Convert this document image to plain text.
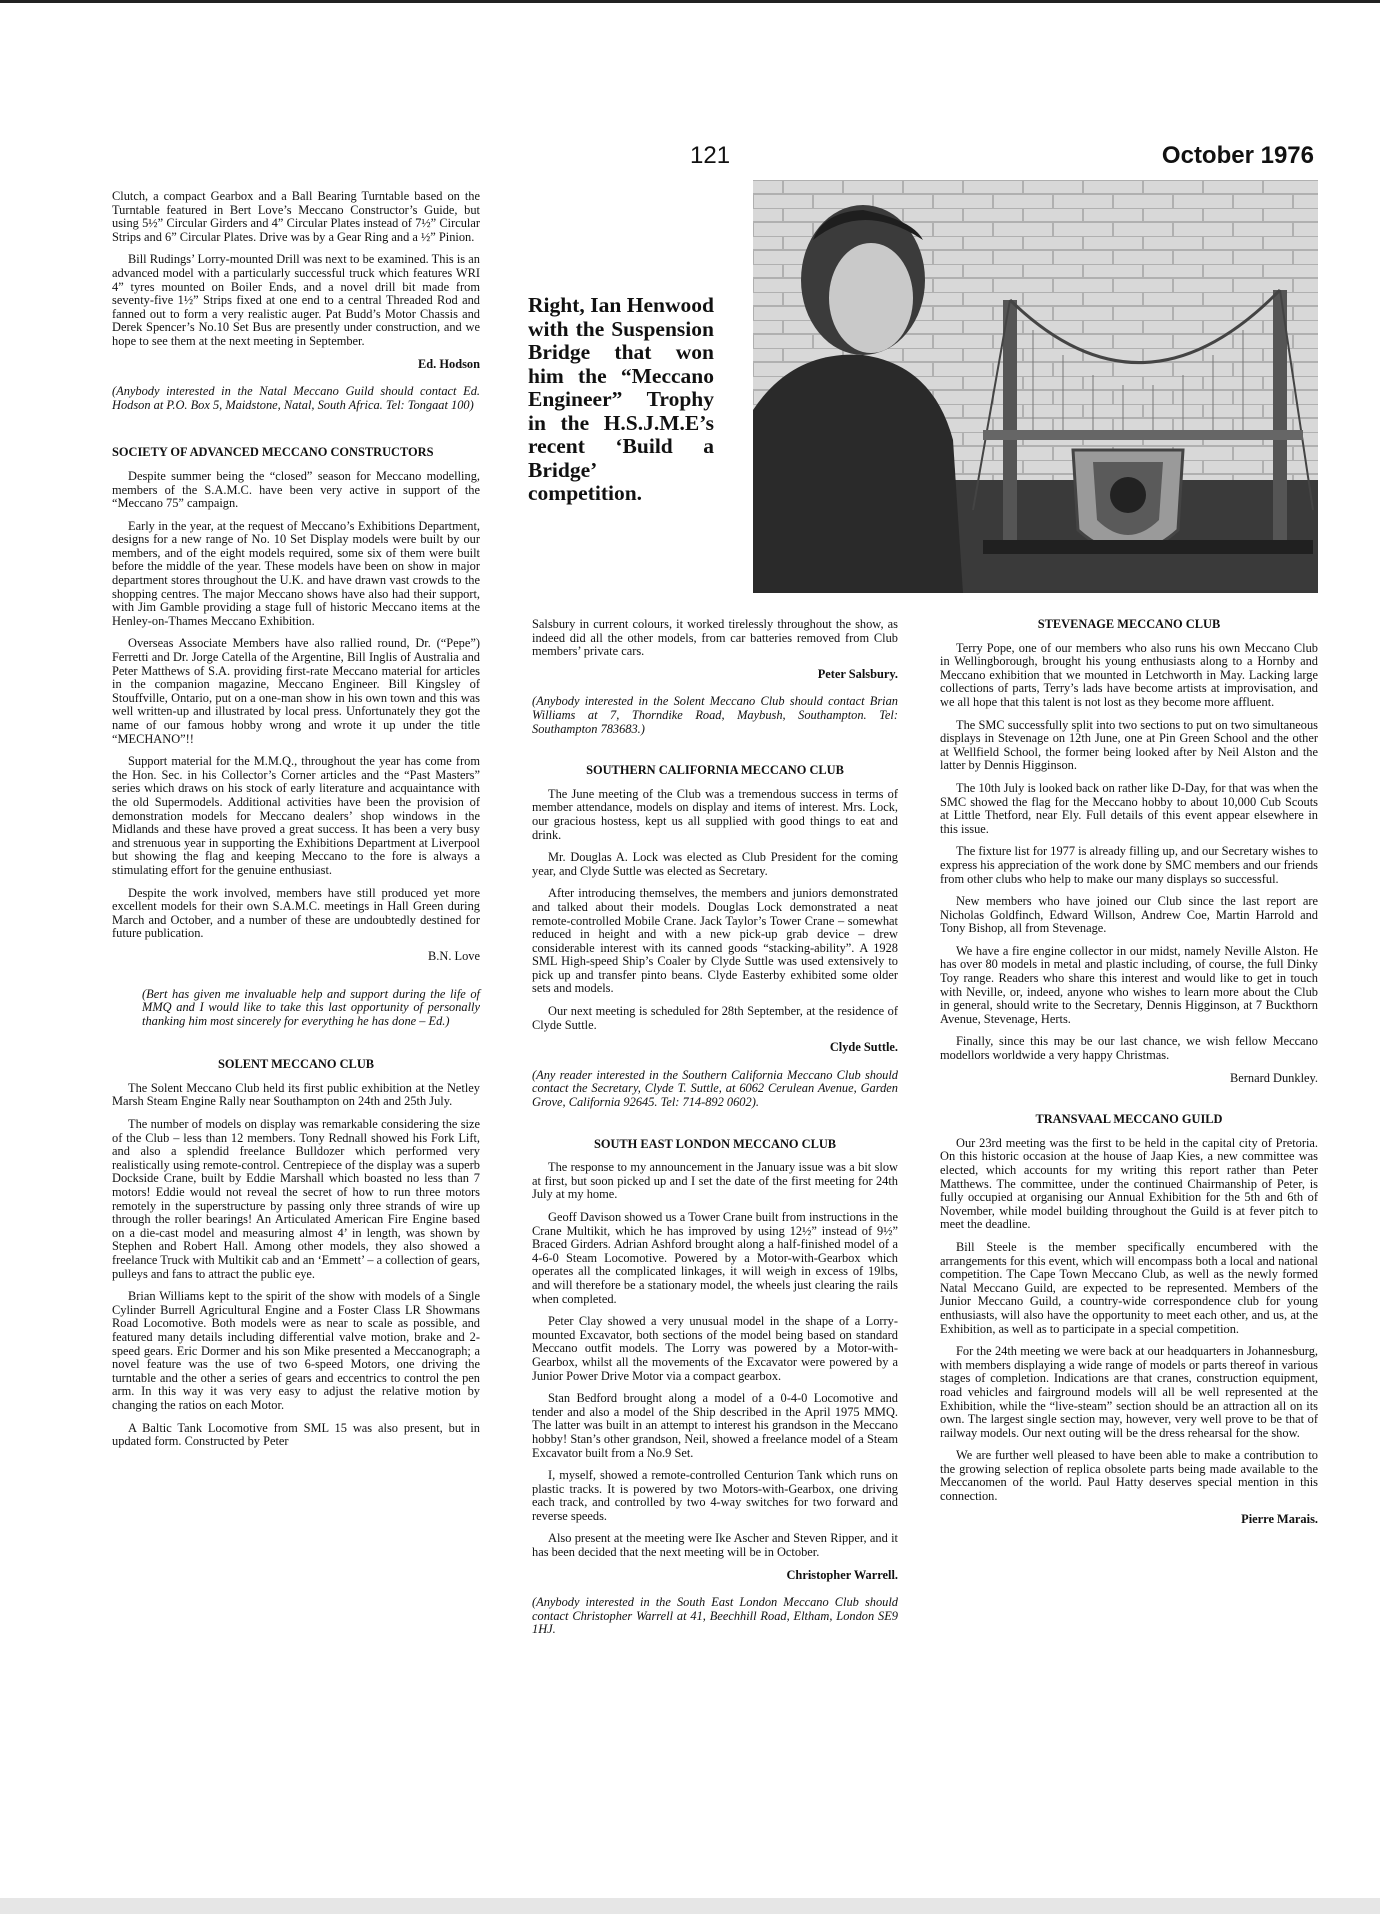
121	October 1976

Clutch, a compact Gearbox and a Ball Bearing Turntable based on the Turntable featured in Bert Love’s Meccano Constructor’s Guide, but using 5½” Circular Girders and 4” Circular Plates instead of 7½” Circular Strips and 6” Circular Plates. Drive was by a Gear Ring and a ½” Pinion.

Bill Rudings’ Lorry-mounted Drill was next to be examined. This is an advanced model with a particularly successful truck which features WRI 4” tyres mounted on Boiler Ends, and a novel drill bit made from seventy-five 1½” Strips fixed at one end to a central Threaded Rod and fanned out to form a very realistic auger. Pat Budd’s Motor Chassis and Derek Spencer’s No.10 Set Bus are presently under construction, and we hope to see them at the next meeting in September.

Ed. Hodson

(Anybody interested in the Natal Meccano Guild should contact Ed. Hodson at P.O. Box 5, Maidstone, Natal, South Africa. Tel: Tongaat 100)

SOCIETY OF ADVANCED MECCANO CONSTRUCTORS

Despite summer being the “closed” season for Meccano modelling, members of the S.A.M.C. have been very active in support of the “Meccano 75” campaign.

Early in the year, at the request of Meccano’s Exhibitions Department, designs for a new range of No. 10 Set Display models were built by our members, and of the eight models required, some six of them were built before the middle of the year. These models have been on show in major department stores throughout the U.K. and have drawn vast crowds to the shopping centres. The major Meccano shows have also had their support, with Jim Gamble providing a stage full of historic Meccano items at the Henley-on-Thames Meccano Exhibition.

Overseas Associate Members have also rallied round, Dr. (“Pepe”) Ferretti and Dr. Jorge Catella of the Argentine, Bill Inglis of Australia and Peter Matthews of S.A. providing first-rate Meccano material for articles in the companion magazine, Meccano Engineer. Bill Kingsley of Stouffville, Ontario, put on a one-man show in his own town and this was well written-up and illustrated by local press. Unfortunately they got the name of our famous hobby wrong and wrote it up under the title “MECHANO”!!

Support material for the M.M.Q., throughout the year has come from the Hon. Sec. in his Collector’s Corner articles and the “Past Masters” series which draws on his stock of early literature and acquaintance with the old Supermodels. Additional activities have been the provision of demonstration models for Meccano dealers’ shop windows in the Midlands and these have proved a great success. It has been a very busy and strenuous year in supporting the Exhibitions Department at Liverpool but showing the flag and keeping Meccano to the fore is always a stimulating effort for the genuine enthusiast.

Despite the work involved, members have still produced yet more excellent models for their own S.A.M.C. meetings in Hall Green during March and October, and a number of these are undoubtedly destined for future publication.

B.N. Love

(Bert has given me invaluable help and support during the life of MMQ and I would like to take this last opportunity of personally thanking him most sincerely for everything he has done – Ed.)

SOLENT MECCANO CLUB

The Solent Meccano Club held its first public exhibition at the Netley Marsh Steam Engine Rally near Southampton on 24th and 25th July.

The number of models on display was remarkable considering the size of the Club – less than 12 members. Tony Rednall showed his Fork Lift, and also a splendid freelance Bulldozer which performed very realistically using remote-control. Centrepiece of the display was a superb Dockside Crane, built by Eddie Marshall which boasted no less than 7 motors! Eddie would not reveal the secret of how to run three motors remotely in the superstructure by passing only three strands of wire up through the roller bearings! An Articulated American Fire Engine based on a die-cast model and measuring almost 4’ in length, was shown by Stephen and Robert Hall. Among other models, they also showed a freelance Truck with Multikit cab and an ‘Emmett’ – a collection of gears, pulleys and fans to attract the public eye.

Brian Williams kept to the spirit of the show with models of a Single Cylinder Burrell Agricultural Engine and a Foster Class LR Showmans Road Locomotive. Both models were as near to scale as possible, and featured many details including differential valve motion, brake and 2-speed gears. Eric Dormer and his son Mike presented a Meccanograph; a novel feature was the use of two 6-speed Motors, one driving the turntable and the other a series of gears and eccentrics to control the pen arm. In this way it was very easy to adjust the relative motion by changing the ratios on each Motor.

A Baltic Tank Locomotive from SML 15 was also present, but in updated form. Constructed by Peter

Right, Ian Henwood with the Suspension Bridge that won him the “Meccano Engineer” Trophy in the H.S.J.M.E’s recent ‘Build a Bridge’ competition.

Salsbury in current colours, it worked tirelessly throughout the show, as indeed did all the other models, from car batteries removed from Club members’ private cars.

Peter Salsbury.

(Anybody interested in the Solent Meccano Club should contact Brian Williams at 7, Thorndike Road, Maybush, Southampton. Tel: Southampton 783683.)

SOUTHERN CALIFORNIA MECCANO CLUB

The June meeting of the Club was a tremendous success in terms of member attendance, models on display and items of interest. Mrs. Lock, our gracious hostess, kept us all supplied with good things to eat and drink.

Mr. Douglas A. Lock was elected as Club President for the coming year, and Clyde Suttle was elected as Secretary.

After introducing themselves, the members and juniors demonstrated and talked about their models. Douglas Lock demonstrated a neat remote-controlled Mobile Crane. Jack Taylor’s Tower Crane – somewhat reduced in height and with a new pick-up grab device – drew considerable interest with its canned goods “stacking-ability”. A 1928 SML High-speed Ship’s Coaler by Clyde Suttle was used extensively to pick up and transfer pinto beans. Clyde Easterby exhibited some older sets and models.

Our next meeting is scheduled for 28th September, at the residence of Clyde Suttle.

Clyde Suttle.

(Any reader interested in the Southern California Meccano Club should contact the Secretary, Clyde T. Suttle, at 6062 Cerulean Avenue, Garden Grove, California 92645. Tel: 714-892 0602).

SOUTH EAST LONDON MECCANO CLUB

The response to my announcement in the January issue was a bit slow at first, but soon picked up and I set the date of the first meeting for 24th July at my home.

Geoff Davison showed us a Tower Crane built from instructions in the Crane Multikit, which he has improved by using 12½” instead of 9½” Braced Girders. Adrian Ashford brought along a half-finished model of a 4-6-0 Steam Locomotive. Powered by a Motor-with-Gearbox which operates all the complicated linkages, it will weigh in excess of 19lbs, and will therefore be a stationary model, the wheels just clearing the rails when completed.

Peter Clay showed a very unusual model in the shape of a Lorry-mounted Excavator, both sections of the model being based on standard Meccano outfit models. The Lorry was powered by a Motor-with-Gearbox, whilst all the movements of the Excavator were powered by a Junior Power Drive Motor via a compact gearbox.

Stan Bedford brought along a model of a 0-4-0 Locomotive and tender and also a model of the Ship described in the April 1975 MMQ. The latter was built in an attempt to interest his grandson in the Meccano hobby! Stan’s other grandson, Neil, showed a freelance model of a Steam Excavator built from a No.9 Set.

I, myself, showed a remote-controlled Centurion Tank which runs on plastic tracks. It is powered by two Motors-with-Gearbox, one driving each track, and controlled by two 4-way switches for two forward and reverse speeds.

Also present at the meeting were Ike Ascher and Steven Ripper, and it has been decided that the next meeting will be in October.

Christopher Warrell.

(Anybody interested in the South East London Meccano Club should contact Christopher Warrell at 41, Beechhill Road, Eltham, London SE9 1HJ.

STEVENAGE MECCANO CLUB

Terry Pope, one of our members who also runs his own Meccano Club in Wellingborough, brought his young enthusiasts along to a Hornby and Meccano exhibition that we mounted in Letchworth in May. Lacking large collections of parts, Terry’s lads have become artists at improvisation, and we all hope that this talent is not lost as they become more affluent.

The SMC successfully split into two sections to put on two simultaneous displays in Stevenage on 12th June, one at Pin Green School and the other at Wellfield School, the former being looked after by Neil Alston and the latter by Dennis Higginson.

The 10th July is looked back on rather like D-Day, for that was when the SMC showed the flag for the Meccano hobby to about 10,000 Cub Scouts at Little Thetford, near Ely. Full details of this event appear elsewhere in this issue.

The fixture list for 1977 is already filling up, and our Secretary wishes to express his appreciation of the work done by SMC members and our friends from other clubs who help to make our many displays so successful.

New members who have joined our Club since the last report are Nicholas Goldfinch, Edward Willson, Andrew Coe, Martin Harrold and Tony Bishop, all from Stevenage.

We have a fire engine collector in our midst, namely Neville Alston. He has over 80 models in metal and plastic including, of course, the full Dinky Toy range. Readers who share this interest and would like to get in touch with Neville, or, indeed, anyone who wishes to learn more about the Club in general, should write to the Secretary, Dennis Higginson, at 7 Buckthorn Avenue, Stevenage, Herts.

Finally, since this may be our last chance, we wish fellow Meccano modellors worldwide a very happy Christmas.

Bernard Dunkley.

TRANSVAAL MECCANO GUILD

Our 23rd meeting was the first to be held in the capital city of Pretoria. On this historic occasion at the house of Jaap Kies, a new committee was elected, which accounts for my writing this report rather than Peter Matthews. The committee, under the continued Chairmanship of Peter, is fully occupied at organising our Annual Exhibition for the 5th and 6th of November, while model building throughout the Guild is at fever pitch to meet the deadline.

Bill Steele is the member specifically encumbered with the arrangements for this event, which will encompass both a local and national competition. The Cape Town Meccano Club, as well as the newly formed Natal Meccano Guild, are expected to be represented. Members of the Junior Meccano Guild, a country-wide correspondence club for young enthusiasts, will also have the opportunity to meet each other, and us, at the Exhibition, as well as to participate in a special competition.

For the 24th meeting we were back at our headquarters in Johannesburg, with members displaying a wide range of models or parts thereof in various stages of completion. Indications are that cranes, construction equipment, road vehicles and fairground models will all be well represented at the Exhibition, while the “live-steam” section should be an attraction all on its own. The largest single section may, however, very well prove to be that of railway models. Our next outing will be the dress rehearsal for the show.

We are further well pleased to have been able to make a contribution to the growing selection of replica obsolete parts being made available to the Meccanomen of the world. Paul Hatty deserves special mention in this connection.

Pierre Marais.
